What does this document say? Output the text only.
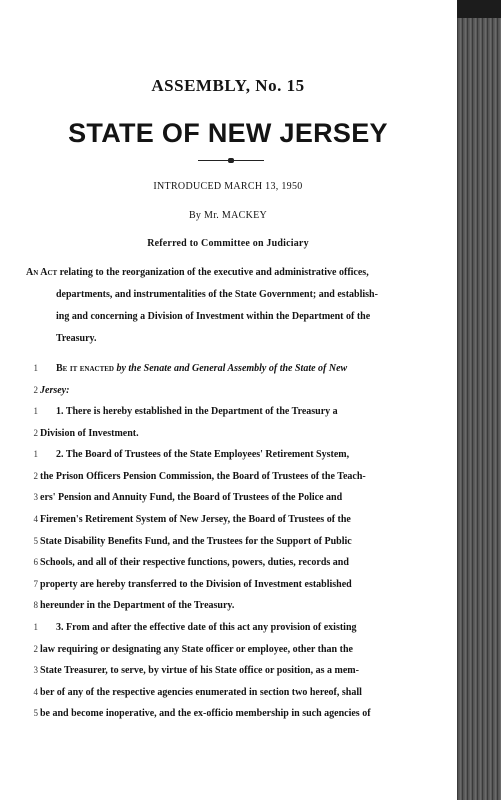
ASSEMBLY, No. 15
STATE OF NEW JERSEY
INTRODUCED MARCH 13, 1950
By Mr. MACKEY
Referred to Committee on Judiciary
An Act relating to the reorganization of the executive and administrative offices,
departments, and instrumentalities of the State Government; and establish-
ing and concerning a Division of Investment within the Department of the
Treasury.
1 Be it enacted by the Senate and General Assembly of the State of New
2 Jersey:
1 1. There is hereby established in the Department of the Treasury a
2 Division of Investment.
1 2. The Board of Trustees of the State Employees' Retirement System,
2 the Prison Officers Pension Commission, the Board of Trustees of the Teach-
3 ers' Pension and Annuity Fund, the Board of Trustees of the Police and
4 Firemen's Retirement System of New Jersey, the Board of Trustees of the
5 State Disability Benefits Fund, and the Trustees for the Support of Public
6 Schools, and all of their respective functions, powers, duties, records and
7 property are hereby transferred to the Division of Investment established
8 hereunder in the Department of the Treasury.
1 3. From and after the effective date of this act any provision of existing
2 law requiring or designating any State officer or employee, other than the
3 State Treasurer, to serve, by virtue of his State office or position, as a mem-
4 ber of any of the respective agencies enumerated in section two hereof, shall
5 be and become inoperative, and the ex-officio membership in such agencies of
